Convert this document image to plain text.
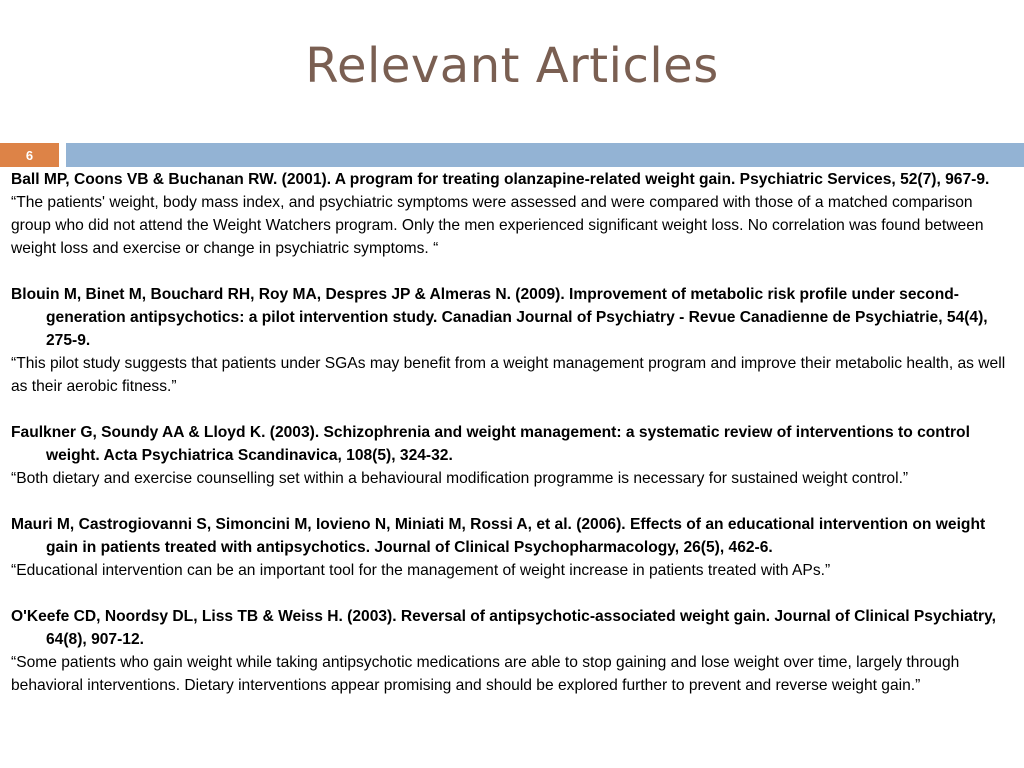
Relevant Articles
6

Ball MP, Coons VB & Buchanan RW. (2001). A program for treating olanzapine-related weight gain. Psychiatric Services, 52(7), 967-9.

“The patients' weight, body mass index, and psychiatric symptoms were assessed and were compared with those of a matched comparison group who did not attend the Weight Watchers program. Only the men experienced significant weight loss. No correlation was found between weight loss and exercise or change in psychiatric symptoms. “

Blouin M, Binet M, Bouchard RH, Roy MA, Despres JP & Almeras N. (2009). Improvement of metabolic risk profile under second-generation antipsychotics: a pilot intervention study. Canadian Journal of Psychiatry - Revue Canadienne de Psychiatrie, 54(4), 275-9.

“This pilot study suggests that patients under SGAs may benefit from a weight management program and improve their metabolic health, as well as their aerobic fitness.”

Faulkner G, Soundy AA & Lloyd K. (2003). Schizophrenia and weight management: a systematic review of interventions to control weight. Acta Psychiatrica Scandinavica, 108(5), 324-32.

“Both dietary and exercise counselling set within a behavioural modification programme is necessary for sustained weight control.”

Mauri M, Castrogiovanni S, Simoncini M, Iovieno N, Miniati M, Rossi A, et al. (2006). Effects of an educational intervention on weight gain in patients treated with antipsychotics. Journal of Clinical Psychopharmacology, 26(5), 462-6.

“Educational intervention can be an important tool for the management of weight increase in patients treated with APs.”

O'Keefe CD, Noordsy DL, Liss TB & Weiss H. (2003). Reversal of antipsychotic-associated weight gain. Journal of Clinical Psychiatry, 64(8), 907-12.

“Some patients who gain weight while taking antipsychotic medications are able to stop gaining and lose weight over time, largely through behavioral interventions. Dietary interventions appear promising and should be explored further to prevent and reverse weight gain.”
